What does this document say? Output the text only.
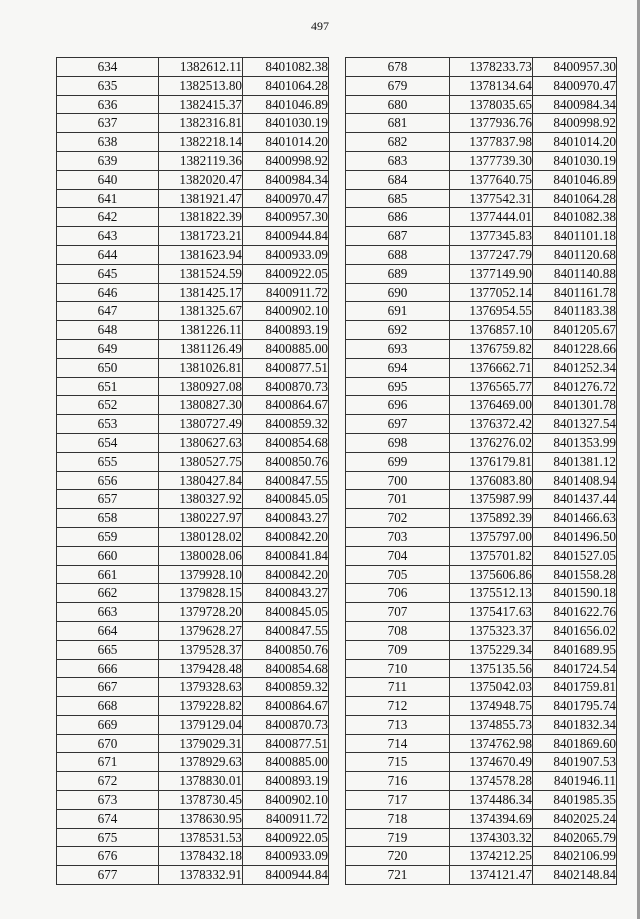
497
634	1382612.11	8401082.38
635	1382513.80	8401064.28
636	1382415.37	8401046.89
637	1382316.81	8401030.19
638	1382218.14	8401014.20
639	1382119.36	8400998.92
640	1382020.47	8400984.34
641	1381921.47	8400970.47
642	1381822.39	8400957.30
643	1381723.21	8400944.84
644	1381623.94	8400933.09
645	1381524.59	8400922.05
646	1381425.17	8400911.72
647	1381325.67	8400902.10
648	1381226.11	8400893.19
649	1381126.49	8400885.00
650	1381026.81	8400877.51
651	1380927.08	8400870.73
652	1380827.30	8400864.67
653	1380727.49	8400859.32
654	1380627.63	8400854.68
655	1380527.75	8400850.76
656	1380427.84	8400847.55
657	1380327.92	8400845.05
658	1380227.97	8400843.27
659	1380128.02	8400842.20
660	1380028.06	8400841.84
661	1379928.10	8400842.20
662	1379828.15	8400843.27
663	1379728.20	8400845.05
664	1379628.27	8400847.55
665	1379528.37	8400850.76
666	1379428.48	8400854.68
667	1379328.63	8400859.32
668	1379228.82	8400864.67
669	1379129.04	8400870.73
670	1379029.31	8400877.51
671	1378929.63	8400885.00
672	1378830.01	8400893.19
673	1378730.45	8400902.10
674	1378630.95	8400911.72
675	1378531.53	8400922.05
676	1378432.18	8400933.09
677	1378332.91	8400944.84
678	1378233.73	8400957.30
679	1378134.64	8400970.47
680	1378035.65	8400984.34
681	1377936.76	8400998.92
682	1377837.98	8401014.20
683	1377739.30	8401030.19
684	1377640.75	8401046.89
685	1377542.31	8401064.28
686	1377444.01	8401082.38
687	1377345.83	8401101.18
688	1377247.79	8401120.68
689	1377149.90	8401140.88
690	1377052.14	8401161.78
691	1376954.55	8401183.38
692	1376857.10	8401205.67
693	1376759.82	8401228.66
694	1376662.71	8401252.34
695	1376565.77	8401276.72
696	1376469.00	8401301.78
697	1376372.42	8401327.54
698	1376276.02	8401353.99
699	1376179.81	8401381.12
700	1376083.80	8401408.94
701	1375987.99	8401437.44
702	1375892.39	8401466.63
703	1375797.00	8401496.50
704	1375701.82	8401527.05
705	1375606.86	8401558.28
706	1375512.13	8401590.18
707	1375417.63	8401622.76
708	1375323.37	8401656.02
709	1375229.34	8401689.95
710	1375135.56	8401724.54
711	1375042.03	8401759.81
712	1374948.75	8401795.74
713	1374855.73	8401832.34
714	1374762.98	8401869.60
715	1374670.49	8401907.53
716	1374578.28	8401946.11
717	1374486.34	8401985.35
718	1374394.69	8402025.24
719	1374303.32	8402065.79
720	1374212.25	8402106.99
721	1374121.47	8402148.84
